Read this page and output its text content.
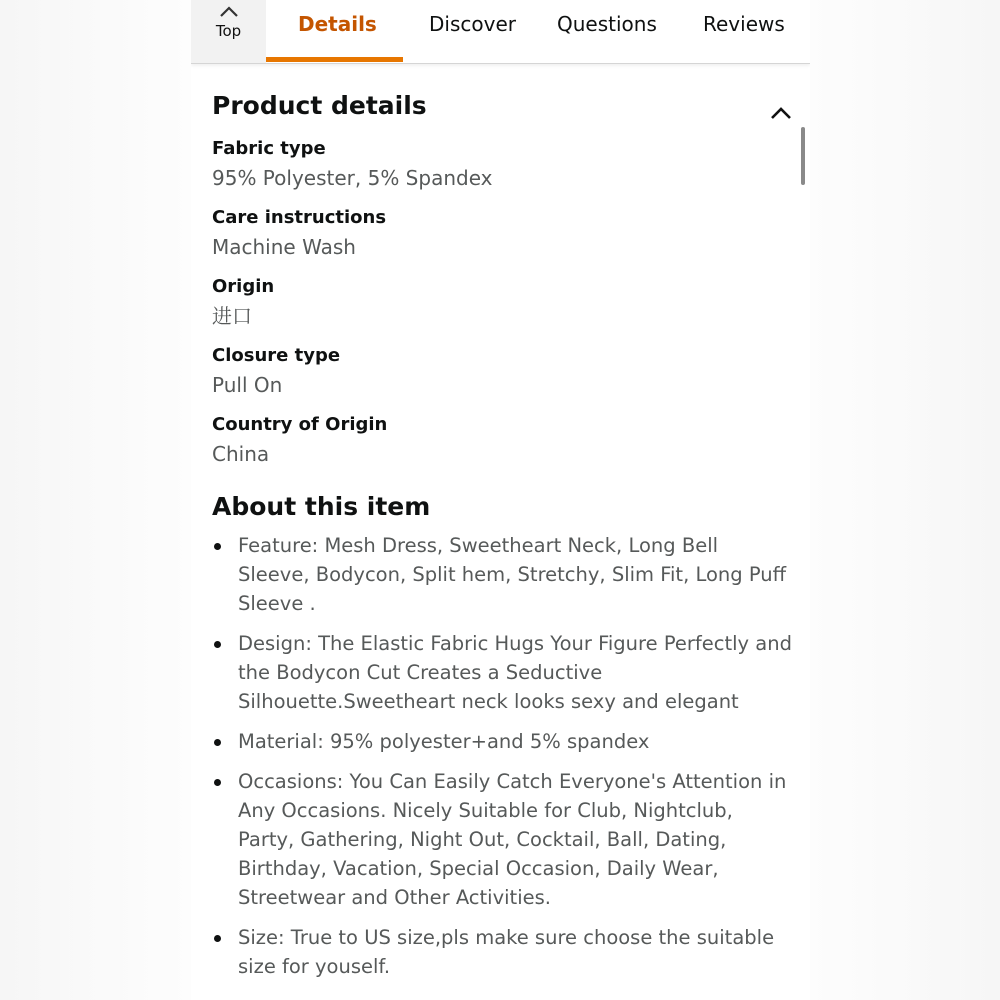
Top	Details	Discover Questions Reviews
Product details
Fabric type
95% Polyester, 5% Spandex
Care instructions
Machine Wash
Origin
进口
Closure type
Pull On
Country of Origin
China
About this item
Feature: Mesh Dress, Sweetheart Neck, Long Bell Sleeve, Bodycon, Split hem, Stretchy, Slim Fit, Long Puff Sleeve .
Design: The Elastic Fabric Hugs Your Figure Perfectly and the Bodycon Cut Creates a Seductive Silhouette.Sweetheart neck looks sexy and elegant
Material: 95% polyester+and 5% spandex
Occasions: You Can Easily Catch Everyone's Attention in Any Occasions. Nicely Suitable for Club, Nightclub, Party, Gathering, Night Out, Cocktail, Ball, Dating, Birthday, Vacation, Special Occasion, Daily Wear, Streetwear and Other Activities.
Size: True to US size,pls make sure choose the suitable size for youself.
